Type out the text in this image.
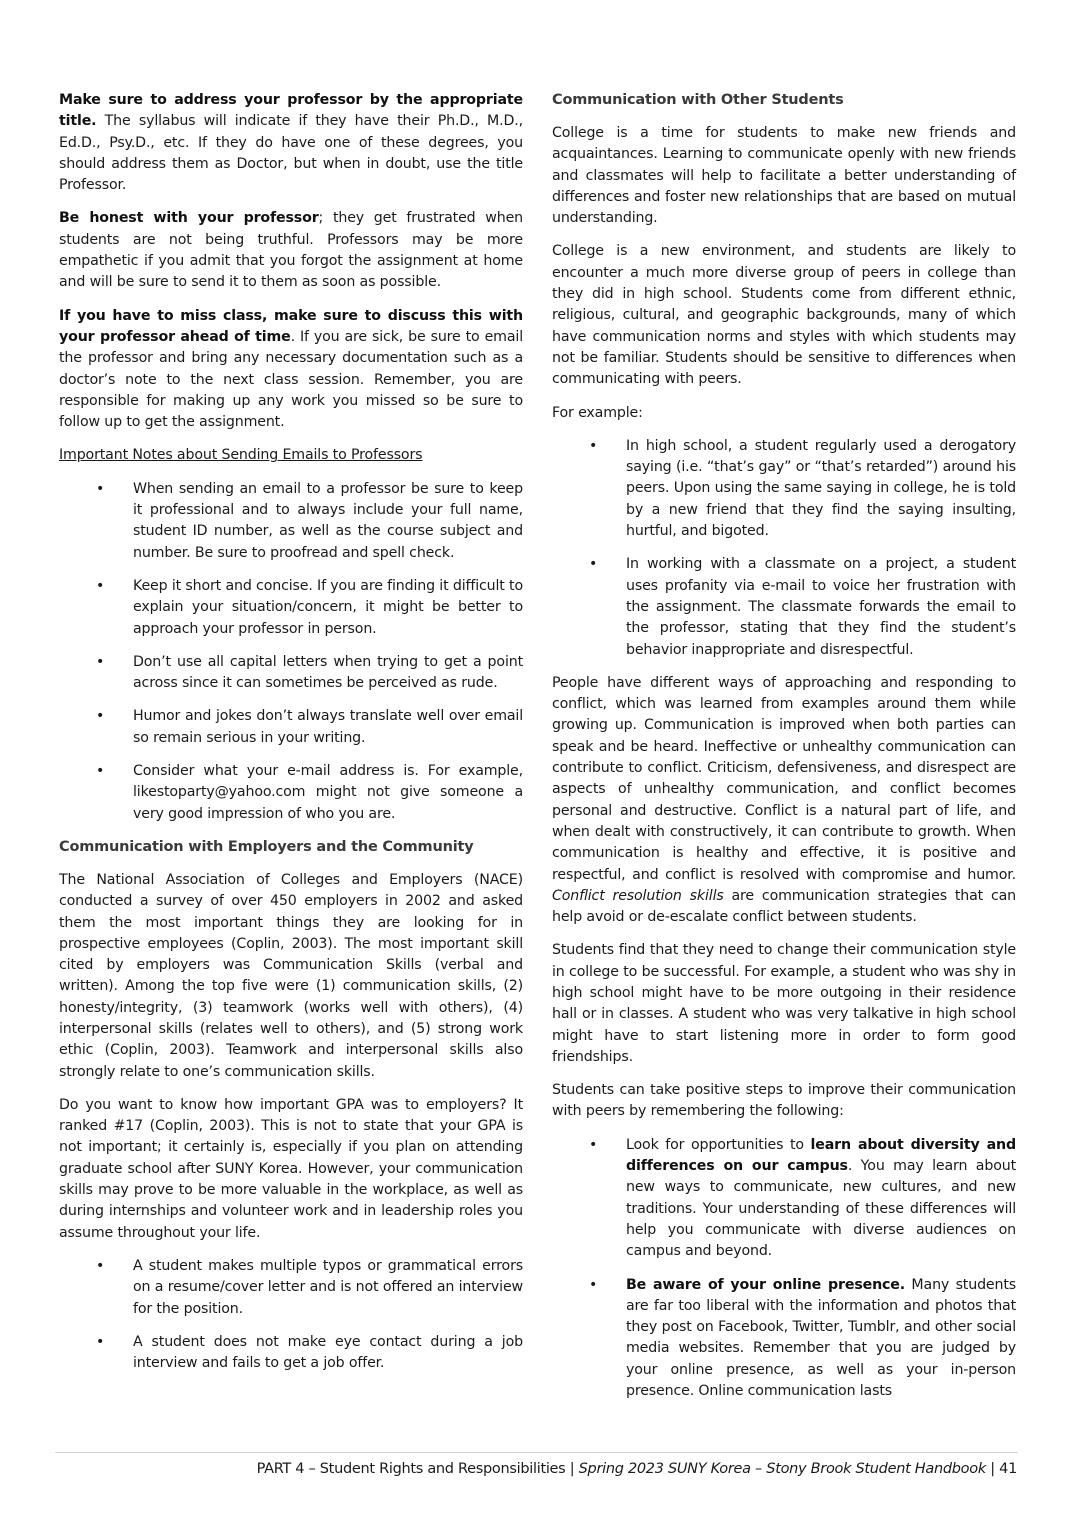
Make sure to address your professor by the appropriate title. The syllabus will indicate if they have their Ph.D., M.D., Ed.D., Psy.D., etc. If they do have one of these degrees, you should address them as Doctor, but when in doubt, use the title Professor.

Be honest with your professor; they get frustrated when students are not being truthful. Professors may be more empathetic if you admit that you forgot the assignment at home and will be sure to send it to them as soon as possible.

If you have to miss class, make sure to discuss this with your professor ahead of time. If you are sick, be sure to email the professor and bring any necessary documentation such as a doctor’s note to the next class session. Remember, you are responsible for making up any work you missed so be sure to follow up to get the assignment.

Important Notes about Sending Emails to Professors

• When sending an email to a professor be sure to keep it professional and to always include your full name, student ID number, as well as the course subject and number. Be sure to proofread and spell check.
• Keep it short and concise. If you are finding it difficult to explain your situation/concern, it might be better to approach your professor in person.
• Don’t use all capital letters when trying to get a point across since it can sometimes be perceived as rude.
• Humor and jokes don’t always translate well over email so remain serious in your writing.
• Consider what your e-mail address is. For example, likestoparty@yahoo.com might not give someone a very good impression of who you are.
Communication with Employers and the Community

The National Association of Colleges and Employers (NACE) conducted a survey of over 450 employers in 2002 and asked them the most important things they are looking for in prospective employees (Coplin, 2003). The most important skill cited by employers was Communication Skills (verbal and written). Among the top five were (1) communication skills, (2) honesty/integrity, (3) teamwork (works well with others), (4) interpersonal skills (relates well to others), and (5) strong work ethic (Coplin, 2003). Teamwork and interpersonal skills also strongly relate to one’s communication skills.

Do you want to know how important GPA was to employers? It ranked #17 (Coplin, 2003). This is not to state that your GPA is not important; it certainly is, especially if you plan on attending graduate school after SUNY Korea. However, your communication skills may prove to be more valuable in the workplace, as well as during internships and volunteer work and in leadership roles you assume throughout your life.

• A student makes multiple typos or grammatical errors on a resume/cover letter and is not offered an interview for the position.
• A student does not make eye contact during a job interview and fails to get a job offer.
Communication with Other Students

College is a time for students to make new friends and acquaintances. Learning to communicate openly with new friends and classmates will help to facilitate a better understanding of differences and foster new relationships that are based on mutual understanding.

College is a new environment, and students are likely to encounter a much more diverse group of peers in college than they did in high school. Students come from different ethnic, religious, cultural, and geographic backgrounds, many of which have communication norms and styles with which students may not be familiar. Students should be sensitive to differences when communicating with peers.

For example:

• In high school, a student regularly used a derogatory saying (i.e. “that’s gay” or “that’s retarded”) around his peers. Upon using the same saying in college, he is told by a new friend that they find the saying insulting, hurtful, and bigoted.
• In working with a classmate on a project, a student uses profanity via e-mail to voice her frustration with the assignment. The classmate forwards the email to the professor, stating that they find the student’s behavior inappropriate and disrespectful.

People have different ways of approaching and responding to conflict, which was learned from examples around them while growing up. Communication is improved when both parties can speak and be heard. Ineffective or unhealthy communication can contribute to conflict. Criticism, defensiveness, and disrespect are aspects of unhealthy communication, and conflict becomes personal and destructive. Conflict is a natural part of life, and when dealt with constructively, it can contribute to growth. When communication is healthy and effective, it is positive and respectful, and conflict is resolved with compromise and humor. Conflict resolution skills are communication strategies that can help avoid or de-escalate conflict between students.

Students find that they need to change their communication style in college to be successful. For example, a student who was shy in high school might have to be more outgoing in their residence hall or in classes. A student who was very talkative in high school might have to start listening more in order to form good friendships.

Students can take positive steps to improve their communication with peers by remembering the following:

• Look for opportunities to learn about diversity and differences on our campus. You may learn about new ways to communicate, new cultures, and new traditions. Your understanding of these differences will help you communicate with diverse audiences on campus and beyond.
• Be aware of your online presence. Many students are far too liberal with the information and photos that they post on Facebook, Twitter, Tumblr, and other social media websites. Remember that you are judged by your online presence, as well as your in-person presence. Online communication lasts
PART 4 – Student Rights and Responsibilities | Spring 2023 SUNY Korea – Stony Brook Student Handbook | 41
